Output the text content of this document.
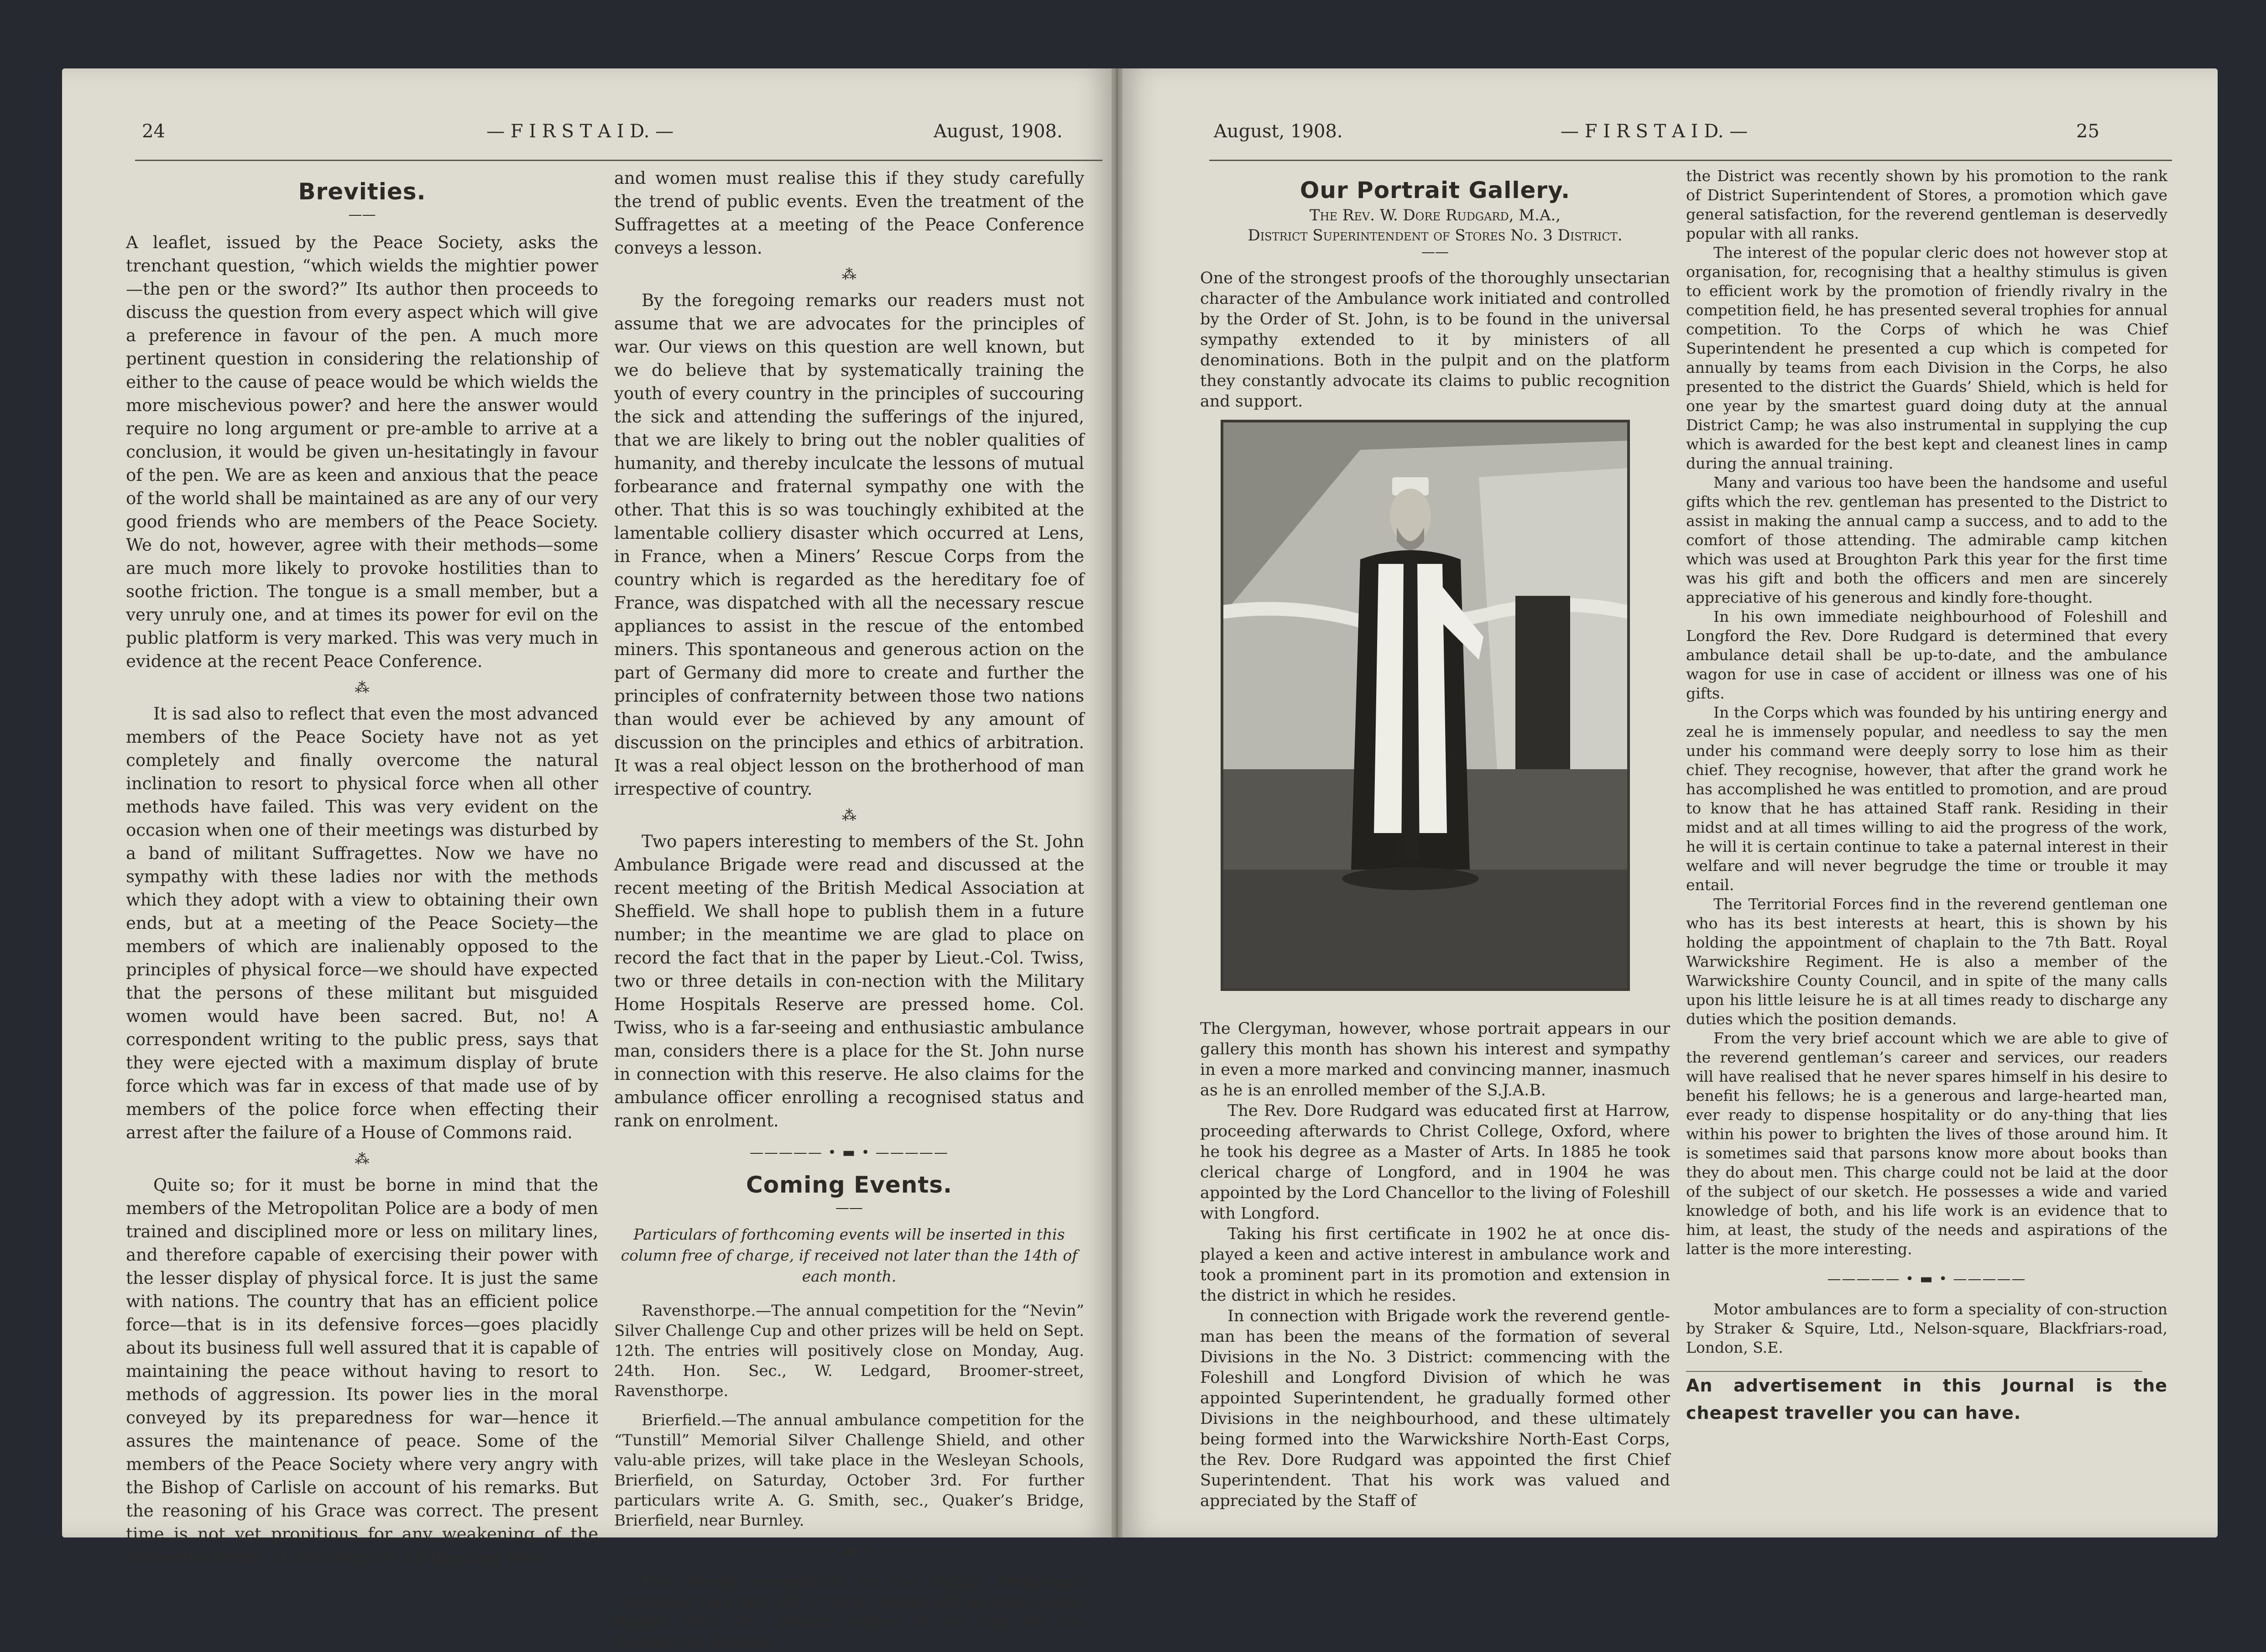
24	— F I R S T A I D. —	August, 1908.
Brevities.
——

A leaflet, issued by the Peace Society, asks the trenchant question, “which wields the mightier power—the pen or the sword?” Its author then proceeds to discuss the question from every aspect which will give a preference in favour of the pen. A much more pertinent question in considering the relationship of either to the cause of peace would be which wields the more mischevious power? and here the answer would require no long argument or pre-amble to arrive at a conclusion, it would be given un-hesitatingly in favour of the pen. We are as keen and anxious that the peace of the world shall be maintained as are any of our very good friends who are members of the Peace Society. We do not, however, agree with their methods—some are much more likely to provoke hostilities than to soothe friction. The tongue is a small member, but a very unruly one, and at times its power for evil on the public platform is very marked. This was very much in evidence at the recent Peace Conference.

⁂

It is sad also to reflect that even the most advanced members of the Peace Society have not as yet completely and finally overcome the natural inclination to resort to physical force when all other methods have failed. This was very evident on the occasion when one of their meetings was disturbed by a band of militant Suffragettes. Now we have no sympathy with these ladies nor with the methods which they adopt with a view to obtaining their own ends, but at a meeting of the Peace Society—the members of which are inalienably opposed to the principles of physical force—we should have expected that the persons of these militant but misguided women would have been sacred. But, no! A correspondent writing to the public press, says that they were ejected with a maximum display of brute force which was far in excess of that made use of by members of the police force when effecting their arrest after the failure of a House of Commons raid.

⁂

Quite so; for it must be borne in mind that the members of the Metropolitan Police are a body of men trained and disciplined more or less on military lines, and therefore capable of exercising their power with the lesser display of physical force. It is just the same with nations. The country that has an efficient police force—that is in its defensive forces—goes placidly about its business full well assured that it is capable of maintaining the peace without having to resort to methods of aggression. Its power lies in the moral conveyed by its preparedness for war—hence it assures the maintenance of peace. Some of the members of the Peace Society where very angry with the Bishop of Carlisle on account of his remarks. But the reasoning of his Grace was correct. The present time is not yet propitious for any weakening of the defensive forces of this country, all thinking men

and women must realise this if they study carefully the trend of public events. Even the treatment of the Suffragettes at a meeting of the Peace Conference conveys a lesson.

⁂

By the foregoing remarks our readers must not assume that we are advocates for the principles of war. Our views on this question are well known, but we do believe that by systematically training the youth of every country in the principles of succouring the sick and attending the sufferings of the injured, that we are likely to bring out the nobler qualities of humanity, and thereby inculcate the lessons of mutual forbearance and fraternal sympathy one with the other. That this is so was touchingly exhibited at the lamentable colliery disaster which occurred at Lens, in France, when a Miners’ Rescue Corps from the country which is regarded as the hereditary foe of France, was dispatched with all the necessary rescue appliances to assist in the rescue of the entombed miners. This spontaneous and generous action on the part of Germany did more to create and further the principles of confraternity between those two nations than would ever be achieved by any amount of discussion on the principles and ethics of arbitration. It was a real object lesson on the brotherhood of man irrespective of country.

⁂

Two papers interesting to members of the St. John Ambulance Brigade were read and discussed at the recent meeting of the British Medical Association at Sheffield. We shall hope to publish them in a future number; in the meantime we are glad to place on record the fact that in the paper by Lieut.-Col. Twiss, two or three details in con-nection with the Military Home Hospitals Reserve are pressed home. Col. Twiss, who is a far-seeing and enthusiastic ambulance man, considers there is a place for the St. John nurse in connection with this reserve. He also claims for the ambulance officer enrolling a recognised status and rank on enrolment.

————— • ▬ • —————
Coming Events.
——

Particulars of forthcoming events will be inserted in this column free of charge, if received not later than the 14th of each month.

Ravensthorpe.—The annual competition for the “Nevin” Silver Challenge Cup and other prizes will be held on Sept. 12th. The entries will positively close on Monday, Aug. 24th. Hon. Sec., W. Ledgard, Broomer-street, Ravensthorpe.

Brierfield.—The annual ambulance competition for the “Tunstill” Memorial Silver Challenge Shield, and other valu-able prizes, will take place in the Wesleyan Schools, Brierfield, on Saturday, October 3rd. For further particulars write A. G. Smith, sec., Quaker’s Bridge, Brierfield, near Burnley.

—————— • ▬ • ——————

The annual competition for the Dublin Ambulance Challenge Cup, the gift of Lord Iveagh will be held to-day, August 20th. The present holders of the Cup are the Belfast Fire Brigade.

August, 1908.	— F I R S T A I D. —	25
Our Portrait Gallery.
The Rev. W. Dore Rudgard, M.A.,
District Superintendent of Stores No. 3 District.
——

One of the strongest proofs of the thoroughly unsectarian character of the Ambulance work initiated and controlled by the Order of St. John, is to be found in the universal sympathy extended to it by ministers of all denominations. Both in the pulpit and on the platform they constantly advocate its claims to public recognition and support.

The Clergyman, however, whose portrait appears in our gallery this month has shown his interest and sympathy in even a more marked and convincing manner, inasmuch as he is an enrolled member of the S.J.A.B.

The Rev. Dore Rudgard was educated first at Harrow, proceeding afterwards to Christ College, Oxford, where he took his degree as a Master of Arts. In 1885 he took clerical charge of Longford, and in 1904 he was appointed by the Lord Chancellor to the living of Foleshill with Longford.

Taking his first certificate in 1902 he at once dis-played a keen and active interest in ambulance work and took a prominent part in its promotion and extension in the district in which he resides.

In connection with Brigade work the reverend gentle-man has been the means of the formation of several Divisions in the No. 3 District: commencing with the Foleshill and Longford Division of which he was appointed Superintendent, he gradually formed other Divisions in the neighbourhood, and these ultimately being formed into the Warwickshire North-East Corps, the Rev. Dore Rudgard was appointed the first Chief Superintendent. That his work was valued and appreciated by the Staff of

the District was recently shown by his promotion to the rank of District Superintendent of Stores, a promotion which gave general satisfaction, for the reverend gentleman is deservedly popular with all ranks.

The interest of the popular cleric does not however stop at organisation, for, recognising that a healthy stimulus is given to efficient work by the promotion of friendly rivalry in the competition field, he has presented several trophies for annual competition. To the Corps of which he was Chief Superintendent he presented a cup which is competed for annually by teams from each Division in the Corps, he also presented to the district the Guards’ Shield, which is held for one year by the smartest guard doing duty at the annual District Camp; he was also instrumental in supplying the cup which is awarded for the best kept and cleanest lines in camp during the annual training.

Many and various too have been the handsome and useful gifts which the rev. gentleman has presented to the District to assist in making the annual camp a success, and to add to the comfort of those attending. The admirable camp kitchen which was used at Broughton Park this year for the first time was his gift and both the officers and men are sincerely appreciative of his generous and kindly fore-thought.

In his own immediate neighbourhood of Foleshill and Longford the Rev. Dore Rudgard is determined that every ambulance detail shall be up-to-date, and the ambulance wagon for use in case of accident or illness was one of his gifts.

In the Corps which was founded by his untiring energy and zeal he is immensely popular, and needless to say the men under his command were deeply sorry to lose him as their chief. They recognise, however, that after the grand work he has accomplished he was entitled to promotion, and are proud to know that he has attained Staff rank. Residing in their midst and at all times willing to aid the progress of the work, he will it is certain continue to take a paternal interest in their welfare and will never begrudge the time or trouble it may entail.

The Territorial Forces find in the reverend gentleman one who has its best interests at heart, this is shown by his holding the appointment of chaplain to the 7th Batt. Royal Warwickshire Regiment. He is also a member of the Warwickshire County Council, and in spite of the many calls upon his little leisure he is at all times ready to discharge any duties which the position demands.

From the very brief account which we are able to give of the reverend gentleman’s career and services, our readers will have realised that he never spares himself in his desire to benefit his fellows; he is a generous and large-hearted man, ever ready to dispense hospitality or do any-thing that lies within his power to brighten the lives of those around him. It is sometimes said that parsons know more about books than they do about men. This charge could not be laid at the door of the subject of our sketch. He possesses a wide and varied knowledge of both, and his life work is an evidence that to him, at least, the study of the needs and aspirations of the latter is the more interesting.

————— • ▬ • —————

Motor ambulances are to form a speciality of con-struction by Straker & Squire, Ltd., Nelson-square, Blackfriars-road, London, S.E.

An advertisement in this Journal is the cheapest traveller you can have.
